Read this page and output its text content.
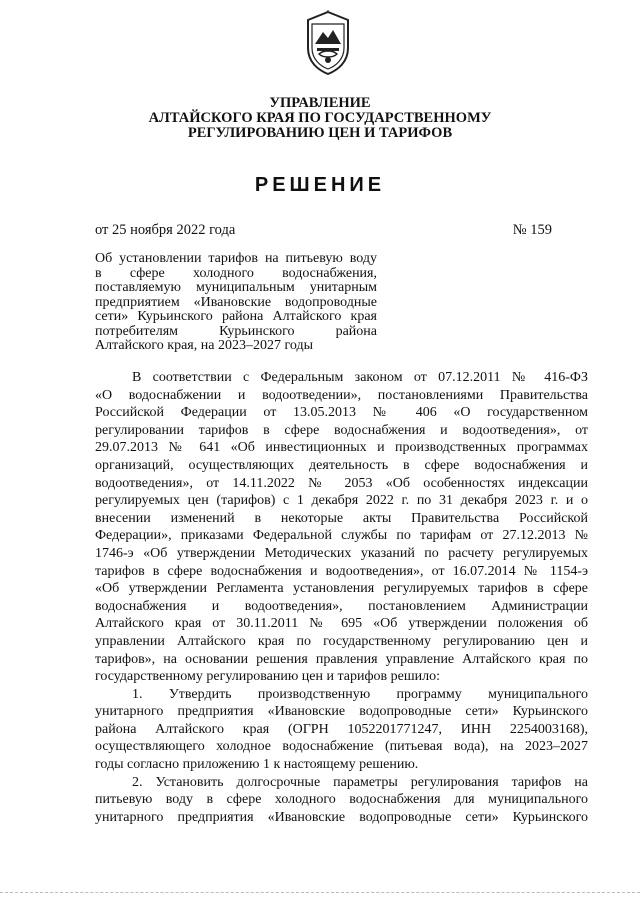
УПРАВЛЕНИЕ
АЛТАЙСКОГО КРАЯ ПО ГОСУДАРСТВЕННОМУ
РЕГУЛИРОВАНИЮ ЦЕН И ТАРИФОВ
РЕШЕНИЕ
от 25 ноября 2022 года	№ 159
Об установлении тарифов на питьевую воду
в сфере холодного водоснабжения,
поставляемую муниципальным унитарным
предприятием «Ивановские водопроводные
сети» Курьинского района Алтайского края
потребителям Курьинского района
Алтайского края, на 2023–2027 годы
В соответствии с Федеральным законом от 07.12.2011 № 416-ФЗ
«О водоснабжении и водоотведении», постановлениями Правительства
Российской Федерации от 13.05.2013 № 406 «О государственном
регулировании тарифов в сфере водоснабжения и водоотведения», от
29.07.2013 № 641 «Об инвестиционных и производственных программах
организаций, осуществляющих деятельность в сфере водоснабжения и
водоотведения», от 14.11.2022 № 2053 «Об особенностях индексации
регулируемых цен (тарифов) с 1 декабря 2022 г. по 31 декабря 2023 г. и о
внесении изменений в некоторые акты Правительства Российской
Федерации», приказами Федеральной службы по тарифам от 27.12.2013 №
1746-э «Об утверждении Методических указаний по расчету регулируемых
тарифов в сфере водоснабжения и водоотведения», от 16.07.2014 № 1154-э
«Об утверждении Регламента установления регулируемых тарифов в сфере
водоснабжения и водоотведения», постановлением Администрации
Алтайского края от 30.11.2011 № 695 «Об утверждении положения об
управлении Алтайского края по государственному регулированию цен и
тарифов», на основании решения правления управление Алтайского края по
государственному регулированию цен и тарифов решило:
1. Утвердить производственную программу муниципального
унитарного предприятия «Ивановские водопроводные сети» Курьинского
района Алтайского края (ОГРН 1052201771247, ИНН 2254003168),
осуществляющего холодное водоснабжение (питьевая вода), на 2023–2027
годы согласно приложению 1 к настоящему решению.
2. Установить долгосрочные параметры регулирования тарифов на
питьевую воду в сфере холодного водоснабжения для муниципального
унитарного предприятия «Ивановские водопроводные сети» Курьинского
